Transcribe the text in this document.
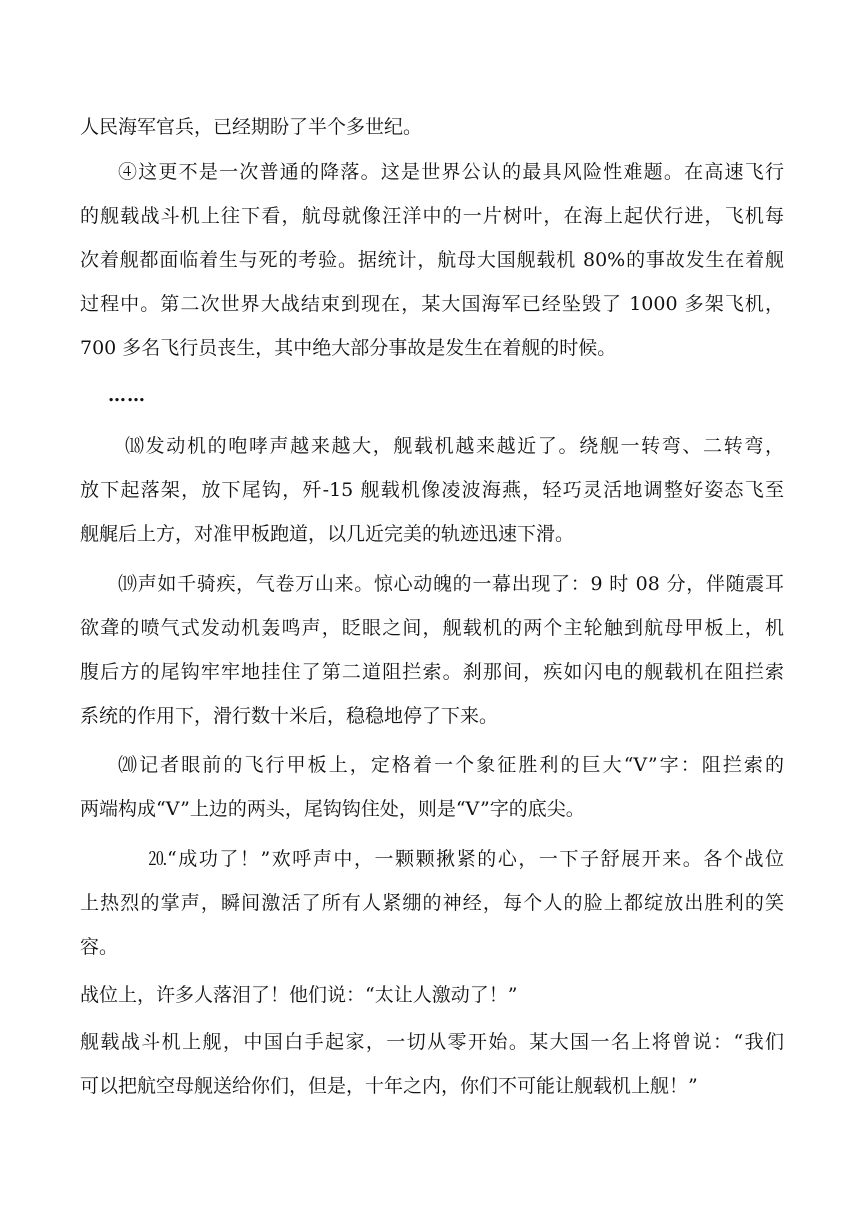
人民海军官兵，已经期盼了半个多世纪。
④这更不是一次普通的降落。这是世界公认的最具风险性难题。在高速飞行
的舰载战斗机上往下看，航母就像汪洋中的一片树叶，在海上起伏行进，飞机每
次着舰都面临着生与死的考验。据统计，航母大国舰载机 80%的事故发生在着舰
过程中。第二次世界大战结束到现在，某大国海军已经坠毁了 1000 多架飞机，
700 多名飞行员丧生，其中绝大部分事故是发生在着舰的时候。
……
⒅ 发动机的咆哮声越来越大，舰载机越来越近了。绕舰一转弯、二转弯，
放下起落架，放下尾钩，歼-15 舰载机像凌波海燕，轻巧灵活地调整好姿态飞至
舰艉后上方，对准甲板跑道，以几近完美的轨迹迅速下滑。
⒆ 声如千骑疾，气卷万山来。惊心动魄的一幕出现了：9 时 08 分，伴随震耳
欲聋的喷气式发动机轰鸣声，眨眼之间，舰载机的两个主轮触到航母甲板上，机
腹后方的尾钩牢牢地挂住了第二道阻拦索。刹那间，疾如闪电的舰载机在阻拦索
系统的作用下，滑行数十米后，稳稳地停了下来。
⒇ 记者眼前的飞行甲板上，定格着一个象征胜利的巨大“V”字：阻拦索的
两端构成“V”上边的两头，尾钩钩住处，则是“V”字的底尖。
⒛ “成功了！”欢呼声中，一颗颗揪紧的心，一下子舒展开来。各个战位
上热烈的掌声，瞬间激活了所有人紧绷的神经，每个人的脸上都绽放出胜利的笑
容。
战位上，许多人落泪了！他们说：“太让人激动了！”
舰载战斗机上舰，中国白手起家，一切从零开始。某大国一名上将曾说：“我们
可以把航空母舰送给你们，但是，十年之内，你们不可能让舰载机上舰！”
